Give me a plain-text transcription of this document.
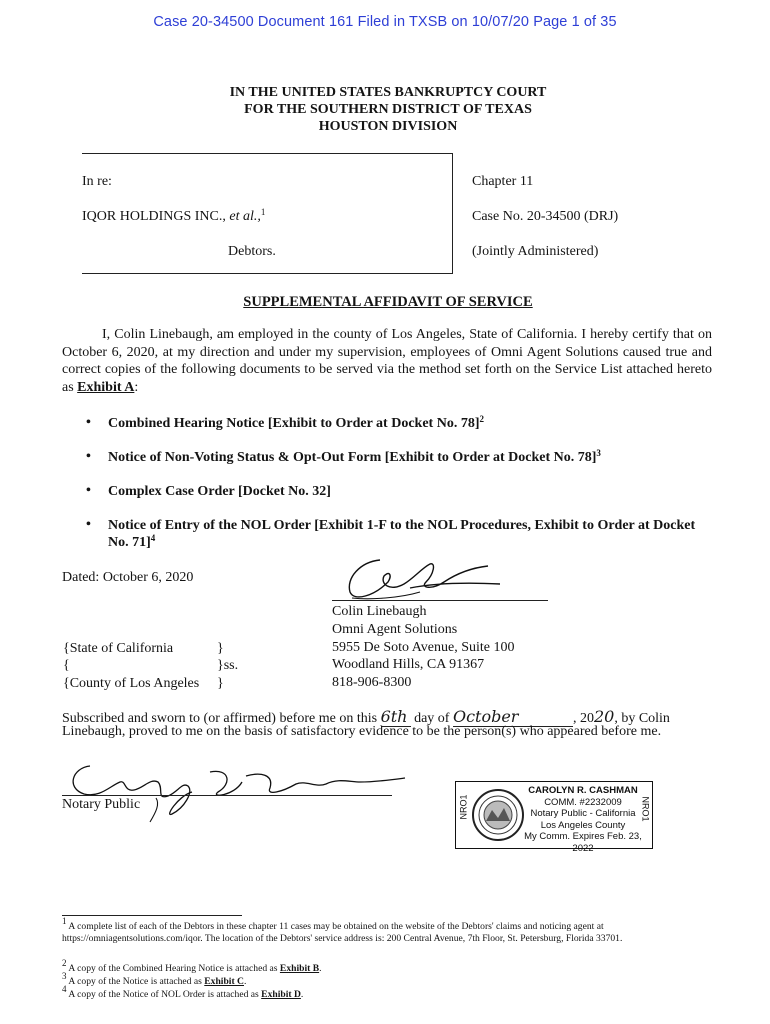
Case 20-34500 Document 161 Filed in TXSB on 10/07/20 Page 1 of 35
IN THE UNITED STATES BANKRUPTCY COURT
FOR THE SOUTHERN DISTRICT OF TEXAS
HOUSTON DIVISION
In re:
IQOR HOLDINGS INC., et al.,$^1$
Debtors.
Chapter 11
Case No. 20-34500 (DRJ)
(Jointly Administered)
SUPPLEMENTAL AFFIDAVIT OF SERVICE
I, Colin Linebaugh, am employed in the county of Los Angeles, State of California. I hereby certify that on October 6, 2020, at my direction and under my supervision, employees of Omni Agent Solutions caused true and correct copies of the following documents to be served via the method set forth on the Service List attached hereto as Exhibit A:
• Combined Hearing Notice [Exhibit to Order at Docket No. 78]$^2$
• Notice of Non-Voting Status & Opt-Out Form [Exhibit to Order at Docket No. 78]$^3$
• Complex Case Order [Docket No. 32]
• Notice of Entry of the NOL Order [Exhibit 1-F to the NOL Procedures, Exhibit to Order at Docket No. 71]$^4$
Dated: October 6, 2020
Colin Linebaugh
Omni Agent Solutions
5955 De Soto Avenue, Suite 100
Woodland Hills, CA 91367
818-906-8300
{State of California	}
{	}ss.
{County of Los Angeles }
Subscribed and sworn to (or affirmed) before me on this 6th day of October	, 2020, by Colin
Linebaugh, proved to me on the basis of satisfactory evidence to be the person(s) who appeared before me.
Notary Public	NRO1	NRO1
CAROLYN R. CASHMAN
COMM. #2232009
Notary Public - California
Los Angeles County
My Comm. Expires Feb. 23, 2022
$^1$ A complete list of each of the Debtors in these chapter 11 cases may be obtained on the website of the Debtors' claims and noticing agent at https://omniagentsolutions.com/iqor. The location of the Debtors' service address is: 200 Central Avenue, 7th Floor, St. Petersburg, Florida 33701.
$^2$ A copy of the Combined Hearing Notice is attached as Exhibit B.
$^3$ A copy of the Notice is attached as Exhibit C.
$^4$ A copy of the Notice of NOL Order is attached as Exhibit D.
